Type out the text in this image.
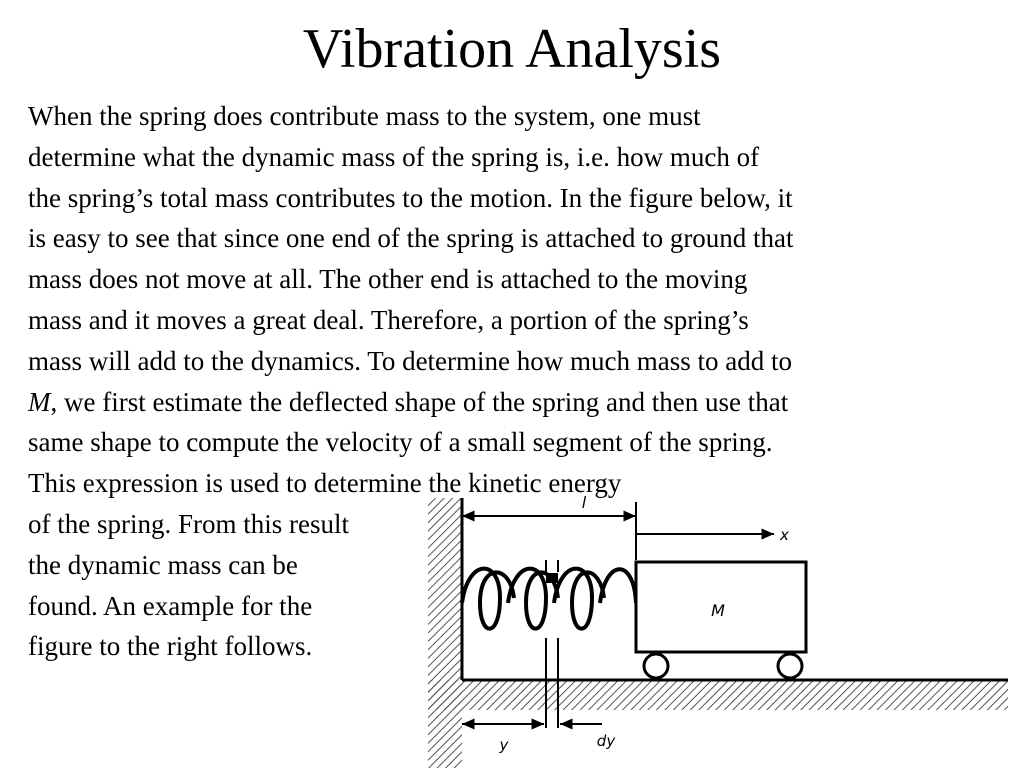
Vibration Analysis
When the spring does contribute mass to the system, one must
determine what the dynamic mass of the spring is, i.e. how much of
the spring’s total mass contributes to the motion. In the figure below, it
is easy to see that since one end of the spring is attached to ground that
mass does not move at all. The other end is attached to the moving
mass and it moves a great deal. Therefore, a portion of the spring’s
mass will add to the dynamics. To determine how much mass to add to
M, we first estimate the deflected shape of the spring and then use that
same shape to compute the velocity of a small segment of the spring.
This expression is used to determine the kinetic energy
of the spring. From this result
the dynamic mass can be
found. An example for the
figure to the right follows.
M
l
x
y	dy
